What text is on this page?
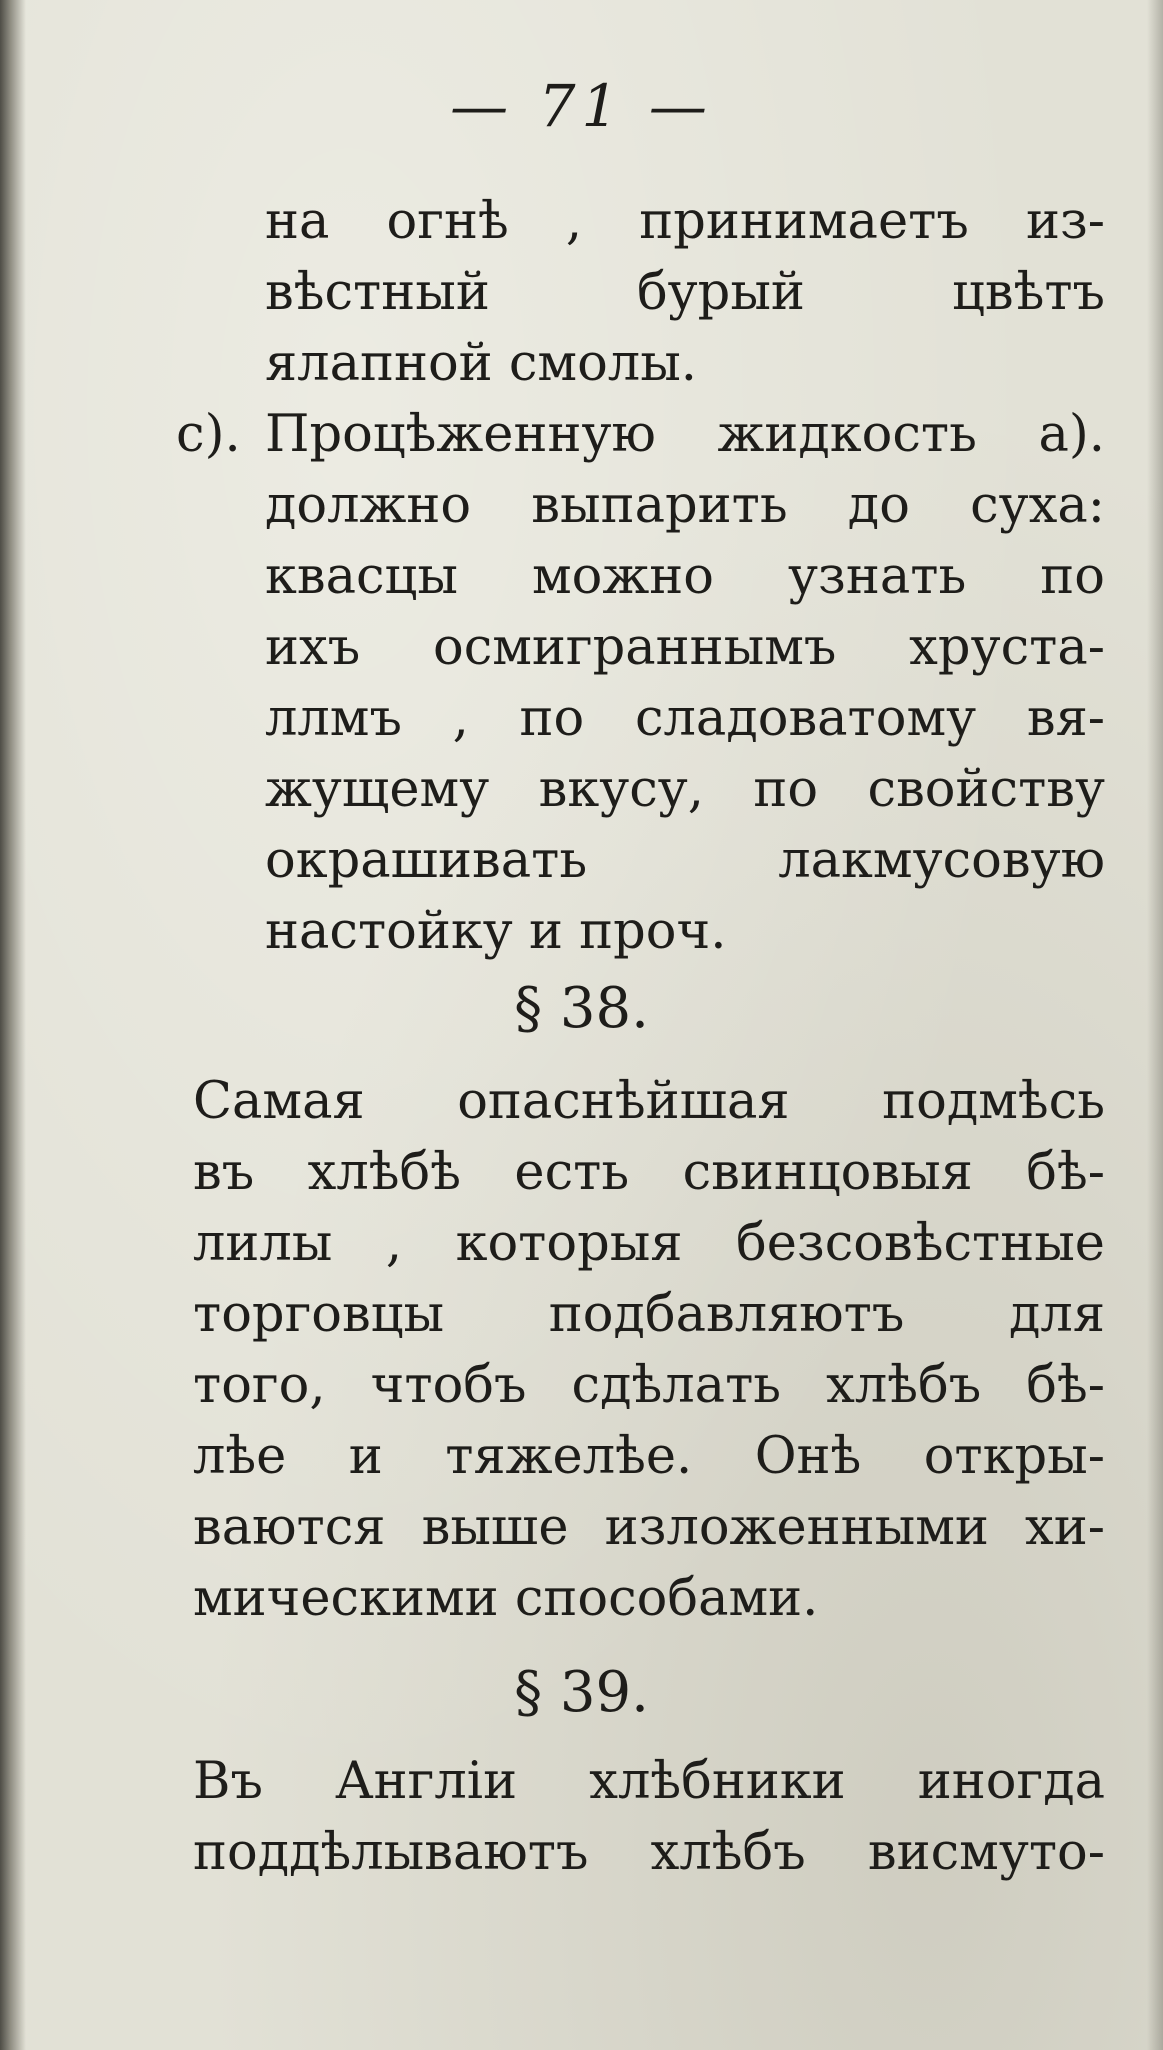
— 71 —
на огнѣ , принимаетъ из-
вѣстный бурый цвѣтъ
ялапной смолы.
c). Процѣженную жидкость a).
должно выпарить до суха:
квасцы можно узнать по
ихъ осмиграннымъ хруста-
ллмъ , по сладоватому вя-
жущему вкусу, по свойству
окрашивать лакмусовую
настойку и проч.
§ 38.
Самая опаснѣйшая подмѣсь
въ хлѣбѣ есть свинцовыя бѣ-
лилы , которыя безсовѣстные
торговцы подбавляютъ для
того, чтобъ сдѣлать хлѣбъ бѣ-
лѣе и тяжелѣе. Онѣ откры-
ваются выше изложенными хи-
мическими способами.
§ 39.
Въ Англіи хлѣбники иногда
поддѣлываютъ хлѣбъ висмуто-
